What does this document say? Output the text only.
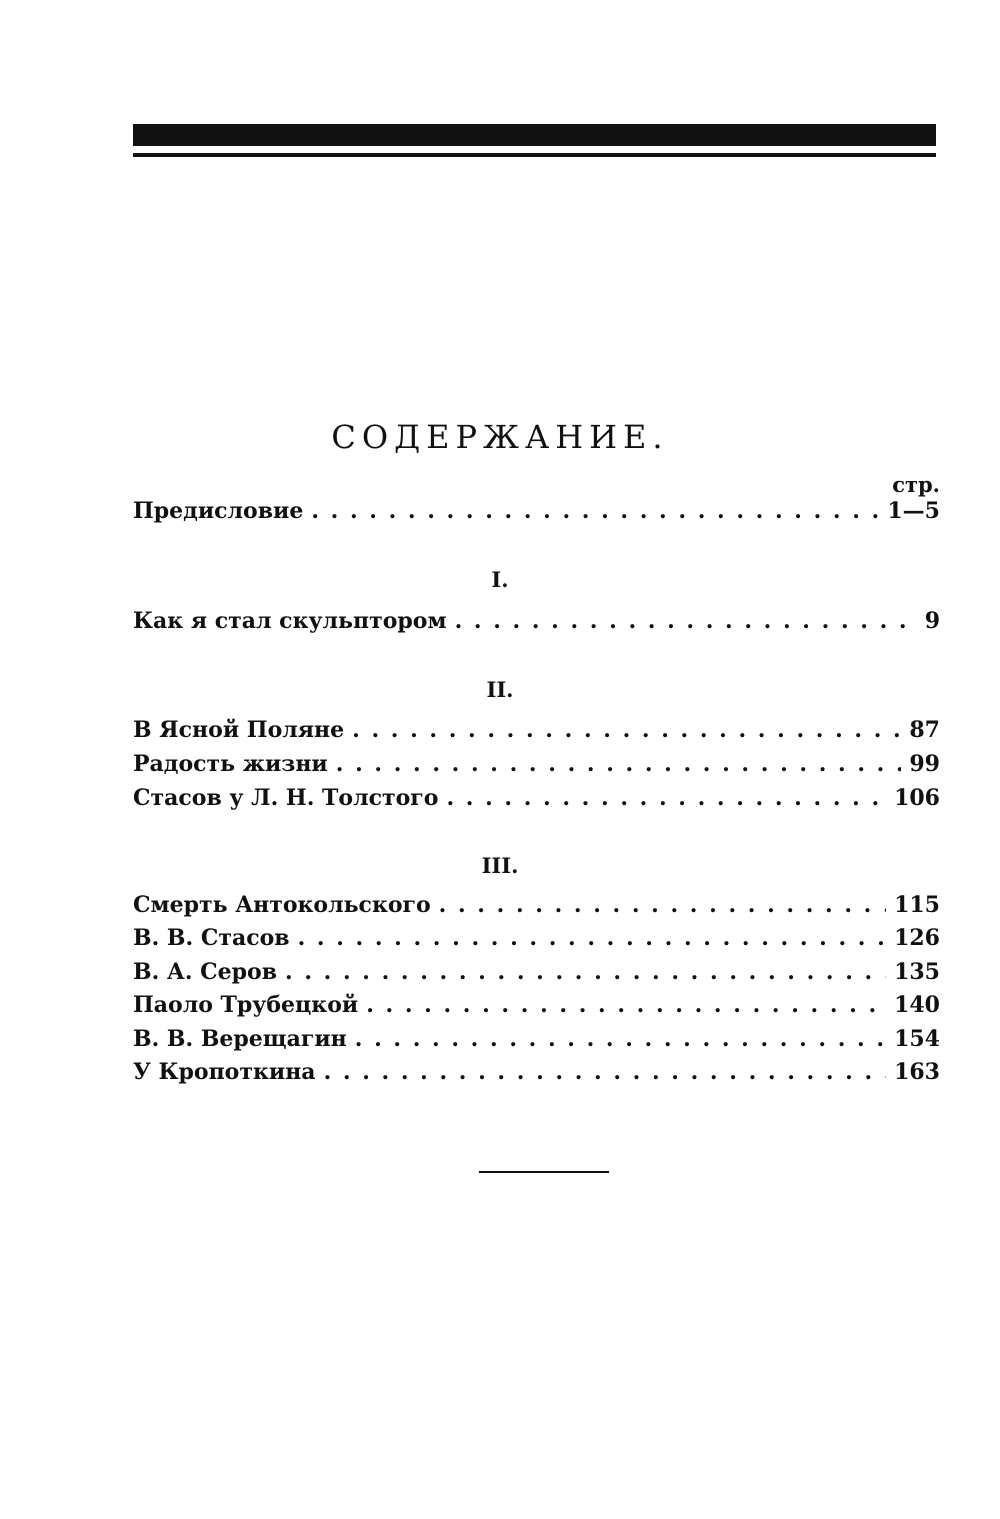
СОДЕРЖАНИЕ.
стр.
Предисловие . . .	1—5
I.
Как я стал скульптором . . .	9
II.
В Ясной Поляне . . .	87
Радость жизни . . .	99
Стасов у Л. Н. Толстого . . .	106
III.
Смерть Антокольского . . .	115
В. В. Стасов . . .	126
В. А. Серов . . .	135
Паоло Трубецкой . . .	140
В. В. Верещагин . . .	154
У Кропоткина . . .	163
